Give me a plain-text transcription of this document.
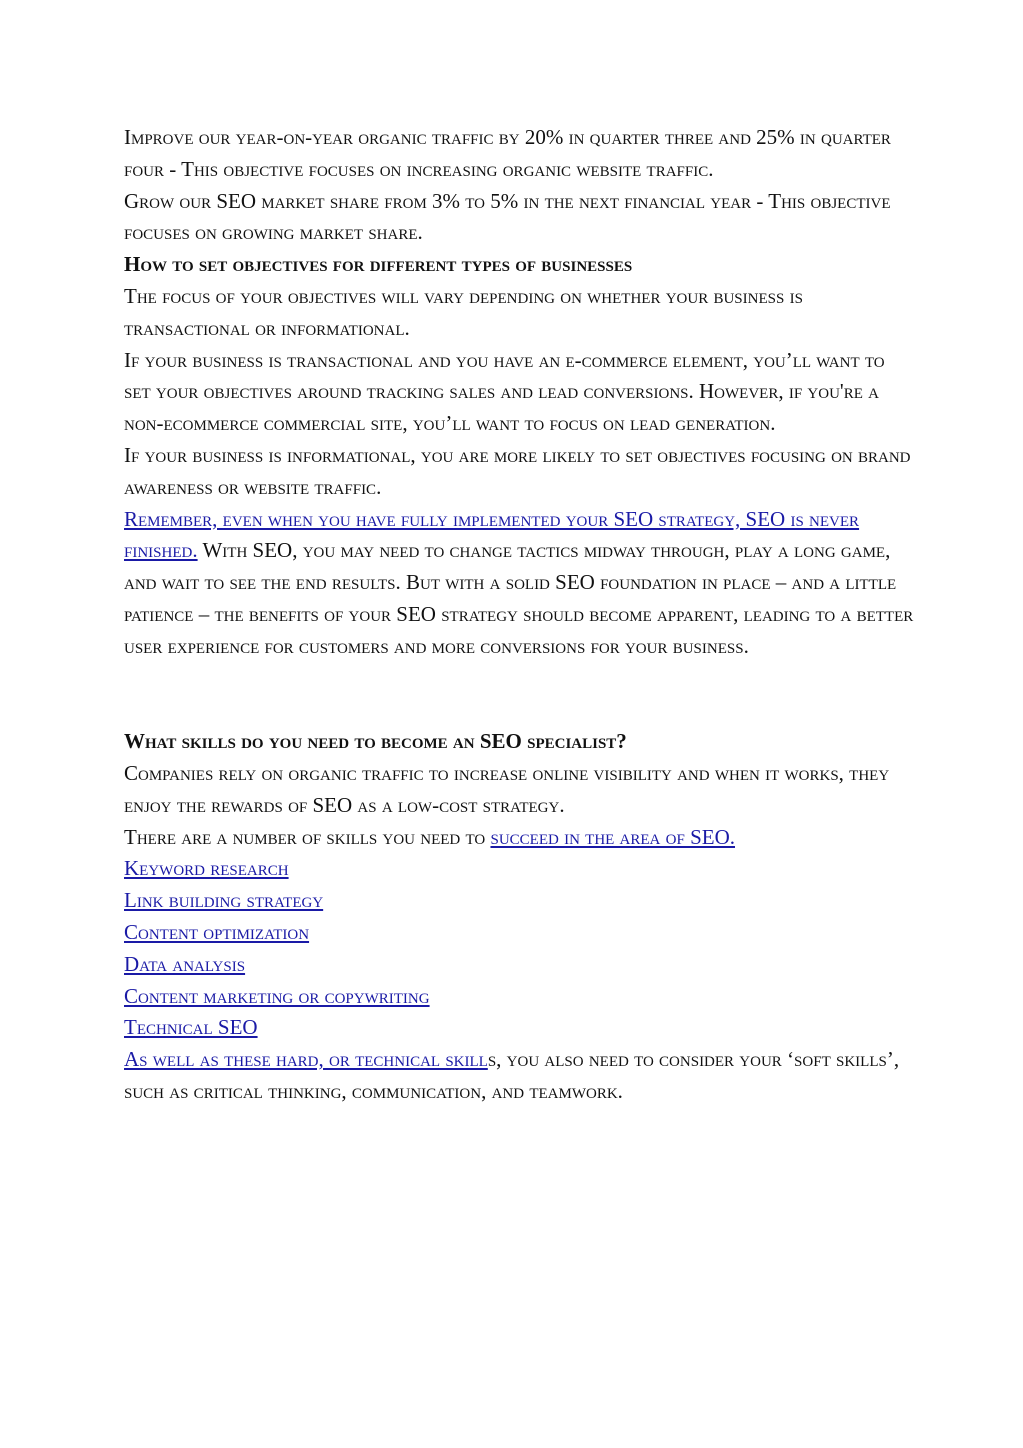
Improve our year-on-year organic traffic by 20% in quarter three and 25% in quarter four - This objective focuses on increasing organic website traffic.

Grow our SEO market share from 3% to 5% in the next financial year - This objective focuses on growing market share.

How to set objectives for different types of businesses

The focus of your objectives will vary depending on whether your business is transactional or informational.

If your business is transactional and you have an e-commerce element, you’ll want to set your objectives around tracking sales and lead conversions. However, if you're a non-ecommerce commercial site, you’ll want to focus on lead generation.

If your business is informational, you are more likely to set objectives focusing on brand awareness or website traffic.

Remember, even when you have fully implemented your SEO strategy, SEO is never finished. With SEO, you may need to change tactics midway through, play a long game, and wait to see the end results. But with a solid SEO foundation in place – and a little patience – the benefits of your SEO strategy should become apparent, leading to a better user experience for customers and more conversions for your business.

What skills do you need to become an SEO specialist?

Companies rely on organic traffic to increase online visibility and when it works, they enjoy the rewards of SEO as a low-cost strategy.

There are a number of skills you need to succeed in the area of SEO.

Keyword research

Link building strategy

Content optimization

Data analysis

Content marketing or copywriting

Technical SEO

As well as these hard, or technical skills, you also need to consider your ‘soft skills’, such as critical thinking, communication, and teamwork.
